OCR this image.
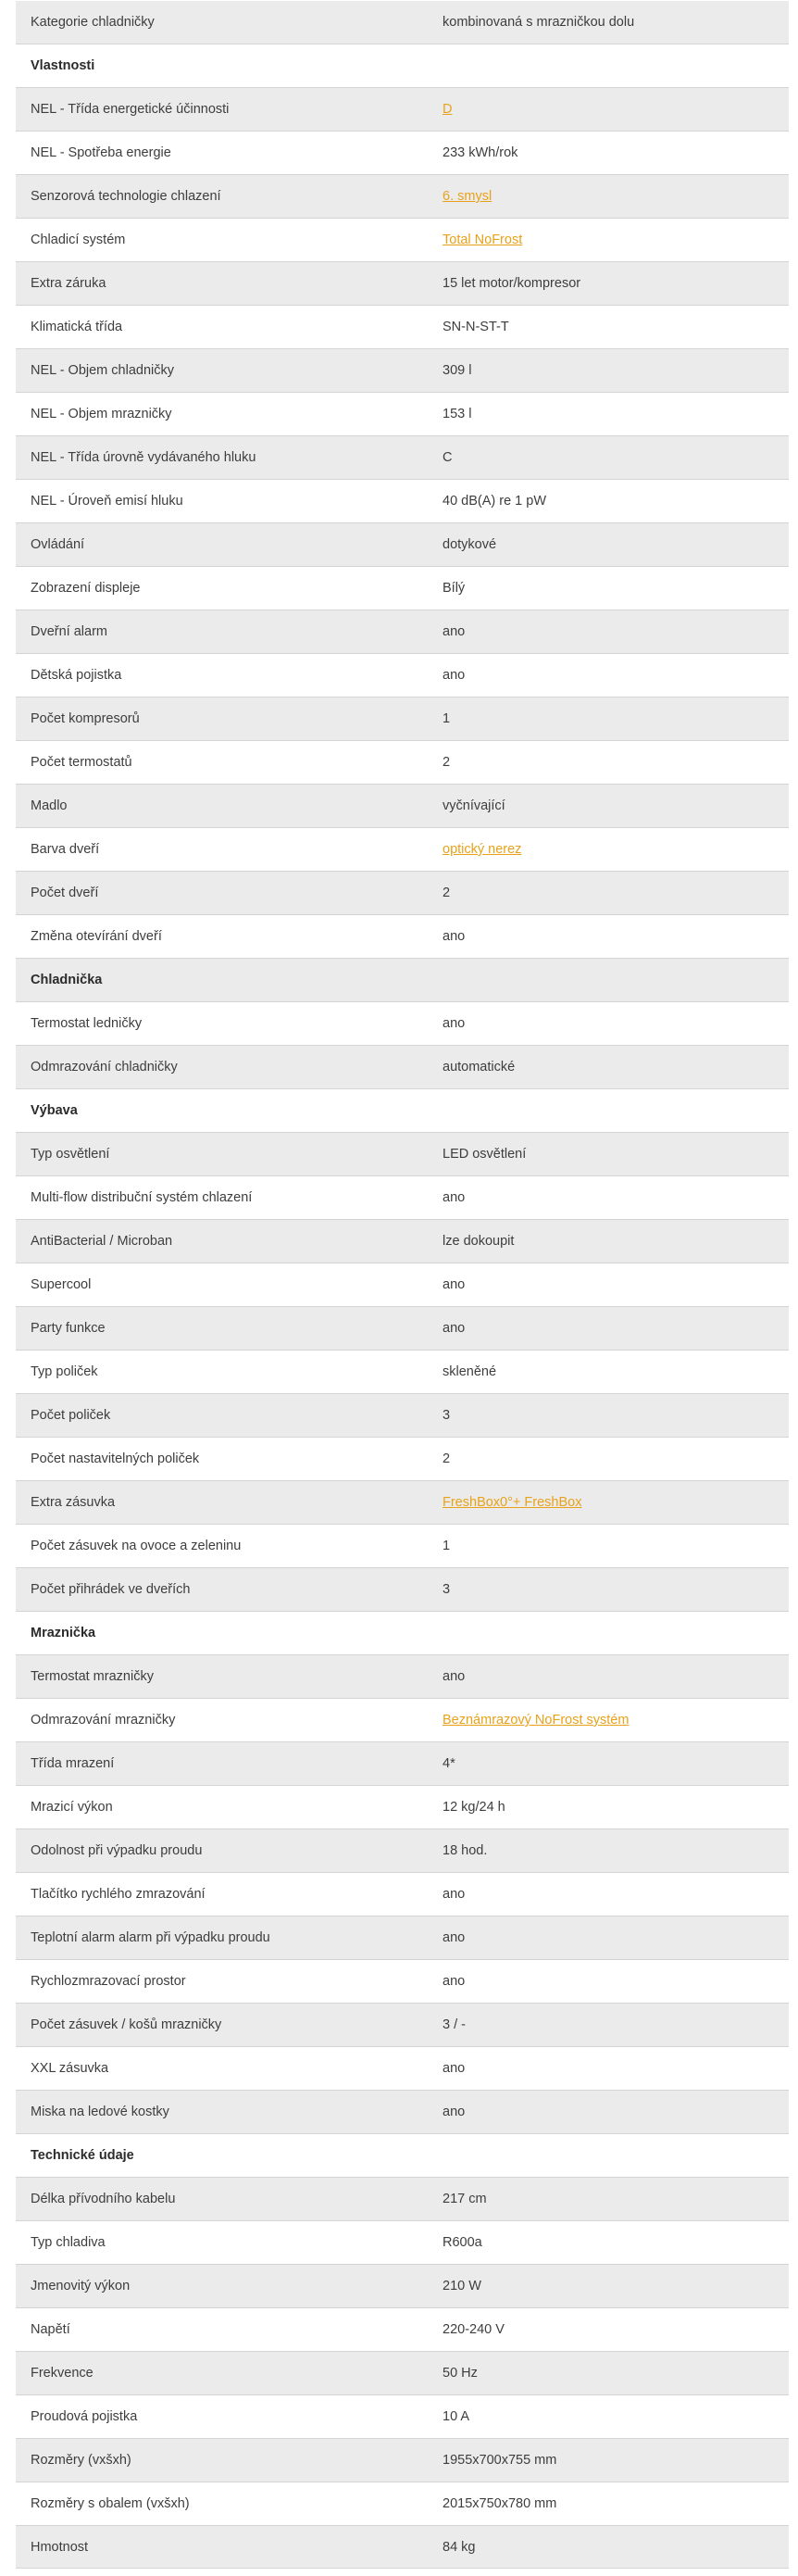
Kategorie chladničky	kombinovaná s mrazničkou dolu
Vlastnosti
NEL - Třída energetické účinnosti	D
NEL - Spotřeba energie	233 kWh/rok
Senzorová technologie chlazení	6. smysl
Chladicí systém	Total NoFrost
Extra záruka	15 let motor/kompresor
Klimatická třída	SN-N-ST-T
NEL - Objem chladničky	309 l
NEL - Objem mrazničky	153 l
NEL - Třída úrovně vydávaného hluku	C
NEL - Úroveň emisí hluku	40 dB(A) re 1 pW
Ovládání	dotykové
Zobrazení displeje	Bílý
Dveřní alarm	ano
Dětská pojistka	ano
Počet kompresorů	1
Počet termostatů	2
Madlo	vyčnívající
Barva dveří	optický nerez
Počet dveří	2
Změna otevírání dveří	ano
Chladnička
Termostat ledničky	ano
Odmrazování chladničky	automatické
Výbava
Typ osvětlení	LED osvětlení
Multi-flow distribuční systém chlazení	ano
AntiBacterial / Microban	lze dokoupit
Supercool	ano
Party funkce	ano
Typ poliček	skleněné
Počet poliček	3
Počet nastavitelných poliček	2
Extra zásuvka	FreshBox0°+ FreshBox
Počet zásuvek na ovoce a zeleninu	1
Počet přihrádek ve dveřích	3
Mraznička
Termostat mrazničky	ano
Odmrazování mrazničky	Beznámrazový NoFrost systém
Třída mrazení	4*
Mrazicí výkon	12 kg/24 h
Odolnost při výpadku proudu	18 hod.
Tlačítko rychlého zmrazování	ano
Teplotní alarm alarm při výpadku proudu	ano
Rychlozmrazovací prostor	ano
Počet zásuvek / košů mrazničky	3 / -
XXL zásuvka	ano
Miska na ledové kostky	ano
Technické údaje
Délka přívodního kabelu	217 cm
Typ chladiva	R600a
Jmenovitý výkon	210 W
Napětí	220-240 V
Frekvence	50 Hz
Proudová pojistka	10 A
Rozměry (vxšxh)	1955x700x755 mm
Rozměry s obalem (vxšxh)	2015x750x780 mm
Hmotnost	84 kg
